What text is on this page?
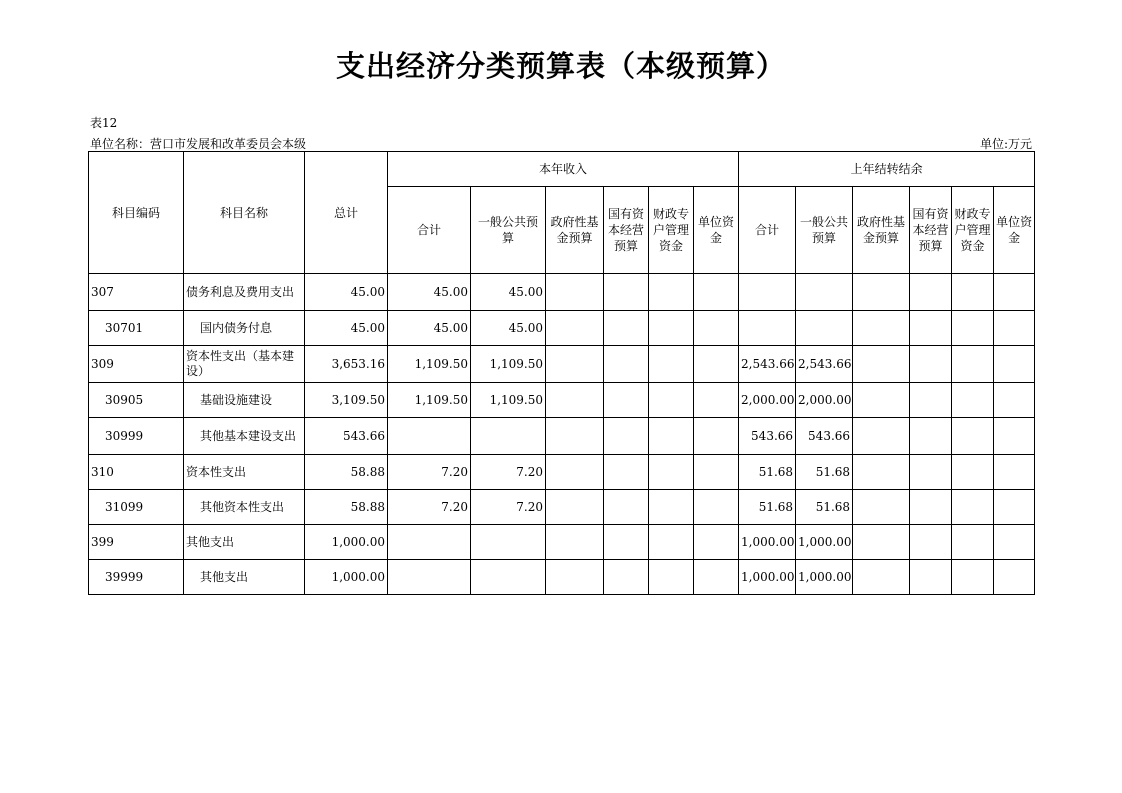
支出经济分类预算表（本级预算）
表12
单位名称：营口市发展和改革委员会本级	单位:万元
科目编码	科目名称	总计	本年收入						上年结转结余					
			合计	一般公共预算	政府性基金预算	国有资本经营预算	财政专户管理资金	单位资金	合计	一般公共预算	政府性基金预算	国有资本经营预算	财政专户管理资金	单位资金
307	债务利息及费用支出	45.00	45.00	45.00										
30701	国内债务付息	45.00	45.00	45.00										
309	资本性支出（基本建设）	3,653.16	1,109.50	1,109.50					2,543.66	2,543.66				
30905	基础设施建设	3,109.50	1,109.50	1,109.50					2,000.00	2,000.00				
30999	其他基本建设支出	543.66							543.66	543.66				
310	资本性支出	58.88	7.20	7.20					51.68	51.68				
31099	其他资本性支出	58.88	7.20	7.20					51.68	51.68				
399	其他支出	1,000.00							1,000.00	1,000.00				
39999	其他支出	1,000.00							1,000.00	1,000.00				
